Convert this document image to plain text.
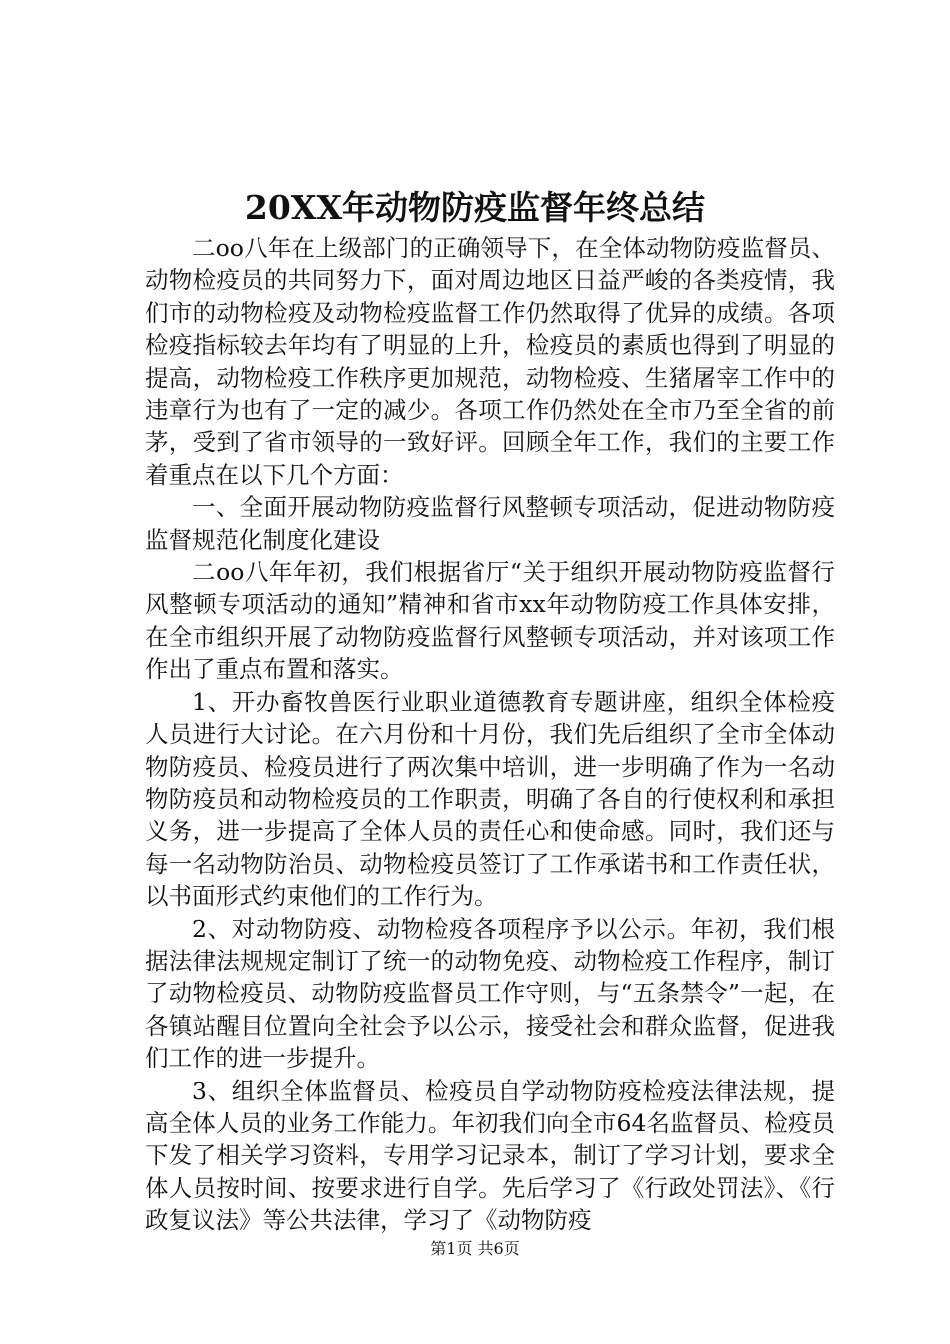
20XX年动物防疫监督年终总结

二oo八年在上级部门的正确领导下，在全体动物防疫监督员、动物检疫员的共同努力下，面对周边地区日益严峻的各类疫情，我们市的动物检疫及动物检疫监督工作仍然取得了优异的成绩。各项检疫指标较去年均有了明显的上升，检疫员的素质也得到了明显的提高，动物检疫工作秩序更加规范，动物检疫、生猪屠宰工作中的违章行为也有了一定的减少。各项工作仍然处在全市乃至全省的前茅，受到了省市领导的一致好评。回顾全年工作，我们的主要工作着重点在以下几个方面：

一、全面开展动物防疫监督行风整顿专项活动，促进动物防疫监督规范化制度化建设

二oo八年年初，我们根据省厅“关于组织开展动物防疫监督行风整顿专项活动的通知”精神和省市xx年动物防疫工作具体安排，在全市组织开展了动物防疫监督行风整顿专项活动，并对该项工作作出了重点布置和落实。

1、开办畜牧兽医行业职业道德教育专题讲座，组织全体检疫人员进行大讨论。在六月份和十月份，我们先后组织了全市全体动物防疫员、检疫员进行了两次集中培训，进一步明确了作为一名动物防疫员和动物检疫员的工作职责，明确了各自的行使权利和承担义务，进一步提高了全体人员的责任心和使命感。同时，我们还与每一名动物防治员、动物检疫员签订了工作承诺书和工作责任状，以书面形式约束他们的工作行为。

2、对动物防疫、动物检疫各项程序予以公示。年初，我们根据法律法规规定制订了统一的动物免疫、动物检疫工作程序，制订了动物检疫员、动物防疫监督员工作守则，与“五条禁令”一起，在各镇站醒目位置向全社会予以公示，接受社会和群众监督，促进我们工作的进一步提升。

3、组织全体监督员、检疫员自学动物防疫检疫法律法规，提高全体人员的业务工作能力。年初我们向全市64名监督员、检疫员下发了相关学习资料，专用学习记录本，制订了学习计划，要求全体人员按时间、按要求进行自学。先后学习了《行政处罚法》、《行政复议法》等公共法律，学习了《动物防疫

第1页 共6页
